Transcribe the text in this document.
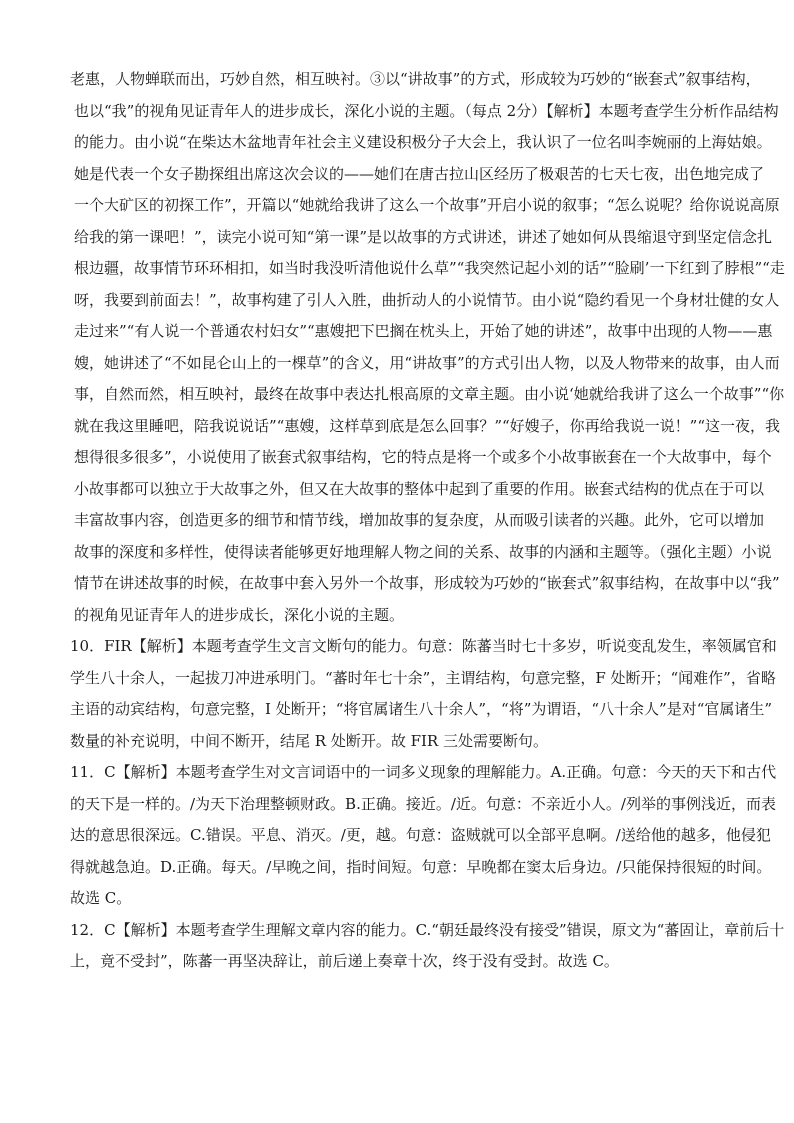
老惠，人物蝉联而出，巧妙自然，相互映衬。③以“讲故事”的方式，形成较为巧妙的“嵌套式”叙事结构，
也以“我”的视角见证青年人的进步成长，深化小说的主题。（每点 2分）【解析】本题考查学生分析作品结构
的能力。由小说“在柴达木盆地青年社会主义建设积极分子大会上，我认识了一位名叫李婉丽的上海姑娘。
她是代表一个女子勘探组出席这次会议的——她们在唐古拉山区经历了极艰苦的七天七夜，出色地完成了
一个大矿区的初探工作”，开篇以“她就给我讲了这么一个故事”开启小说的叙事；“怎么说呢？给你说说高原
给我的第一课吧！”，读完小说可知“第一课”是以故事的方式讲述，讲述了她如何从畏缩退守到坚定信念扎
根边疆，故事情节环环相扣，如当时我没听清他说什么草”“我突然记起小刘的话”“脸刷’一下红到了脖根”“走
呀，我要到前面去！”，故事构建了引人入胜，曲折动人的小说情节。由小说“隐约看见一个身材壮健的女人
走过来”“有人说一个普通农村妇女”“惠嫂把下巴搁在枕头上，开始了她的讲述”，故事中出现的人物——惠
嫂，她讲述了“不如昆仑山上的一棵草”的含义，用“讲故事”的方式引出人物，以及人物带来的故事，由人而
事，自然而然，相互映衬，最终在故事中表达扎根高原的文章主题。由小说‘她就给我讲了这么一个故事”“你
就在我这里睡吧，陪我说说话”“惠嫂，这样草到底是怎么回事？”“好嫂子，你再给我说一说！”“这一夜，我
想得很多很多”，小说使用了嵌套式叙事结构，它的特点是将一个或多个小故事嵌套在一个大故事中，每个
小故事都可以独立于大故事之外，但又在大故事的整体中起到了重要的作用。嵌套式结构的优点在于可以
丰富故事内容，创造更多的细节和情节线，增加故事的复杂度，从而吸引读者的兴趣。此外，它可以增加
故事的深度和多样性，使得读者能够更好地理解人物之间的关系、故事的内涵和主题等。（强化主题）小说
情节在讲述故事的时候，在故事中套入另外一个故事，形成较为巧妙的“嵌套式”叙事结构，在故事中以“我”
的视角见证青年人的进步成长，深化小说的主题。
10．FIR【解析】本题考查学生文言文断句的能力。句意：陈蕃当时七十多岁，听说变乱发生，率领属官和
学生八十余人，一起拔刀冲进承明门。“蕃时年七十余”，主谓结构，句意完整，F 处断开；“闻难作”，省略
主语的动宾结构，句意完整，I 处断开；“将官属诸生八十余人”，“将”为谓语，“八十余人”是对“官属诸生”
数量的补充说明，中间不断开，结尾 R 处断开。故 FIR 三处需要断句。
11．C【解析】本题考查学生对文言词语中的一词多义现象的理解能力。A.正确。句意：今天的天下和古代
的天下是一样的。/为天下治理整顿财政。B.正确。接近。/近。句意：不亲近小人。/列举的事例浅近，而表
达的意思很深远。C.错误。平息、消灭。/更，越。句意：盗贼就可以全部平息啊。/送给他的越多，他侵犯
得就越急迫。D.正确。每天。/早晚之间，指时间短。句意：早晚都在窦太后身边。/只能保持很短的时间。
故选 C。
12．C【解析】本题考查学生理解文章内容的能力。C.“朝廷最终没有接受”错误，原文为“蕃固让，章前后十
上，竟不受封”，陈蕃一再坚决辞让，前后递上奏章十次，终于没有受封。故选 C。
